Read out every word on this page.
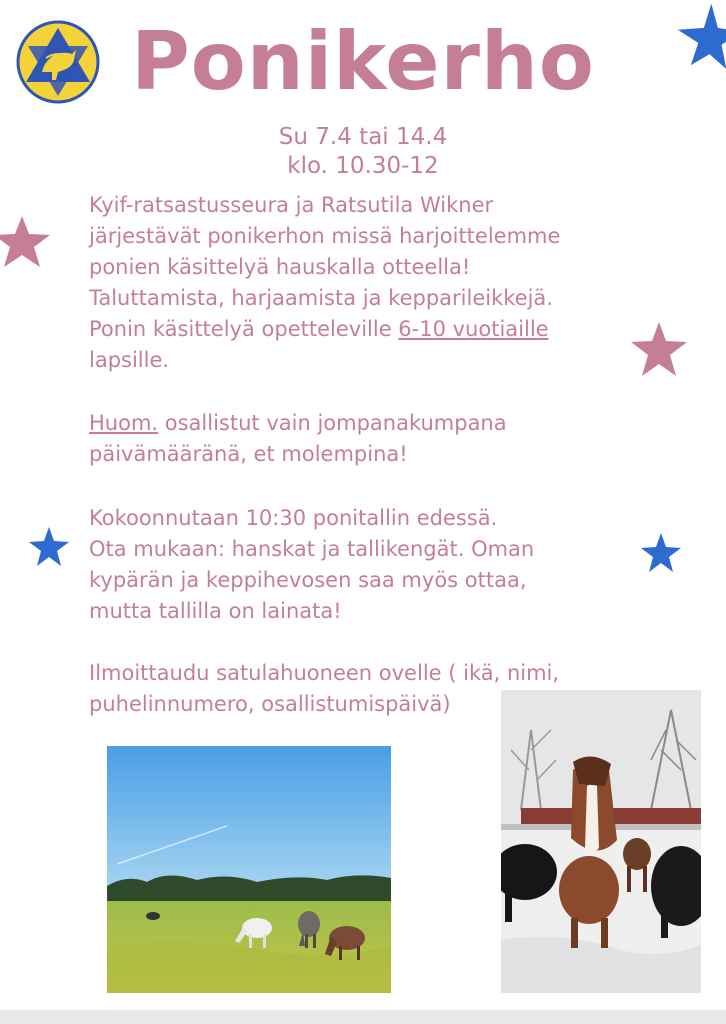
Ponikerho
Su 7.4 tai 14.4
klo. 10.30-12
Kyif-ratsastusseura ja Ratsutila Wikner
järjestävät ponikerhon missä harjoittelemme
ponien käsittelyä hauskalla otteella!
Taluttamista, harjaamista ja kepparileikkejä.
Ponin käsittelyä opetteleville 6-10 vuotiaille
lapsille.
Huom. osallistut vain jompanakumpana
päivämääränä, et molempina!
Kokoonnutaan 10:30 ponitallin edessä.
Ota mukaan: hanskat ja tallikengät. Oman
kypärän ja keppihevosen saa myös ottaa,
mutta tallilla on lainata!
Ilmoittaudu satulahuoneen ovelle ( ikä, nimi,
puhelinnumero, osallistumispäivä)
